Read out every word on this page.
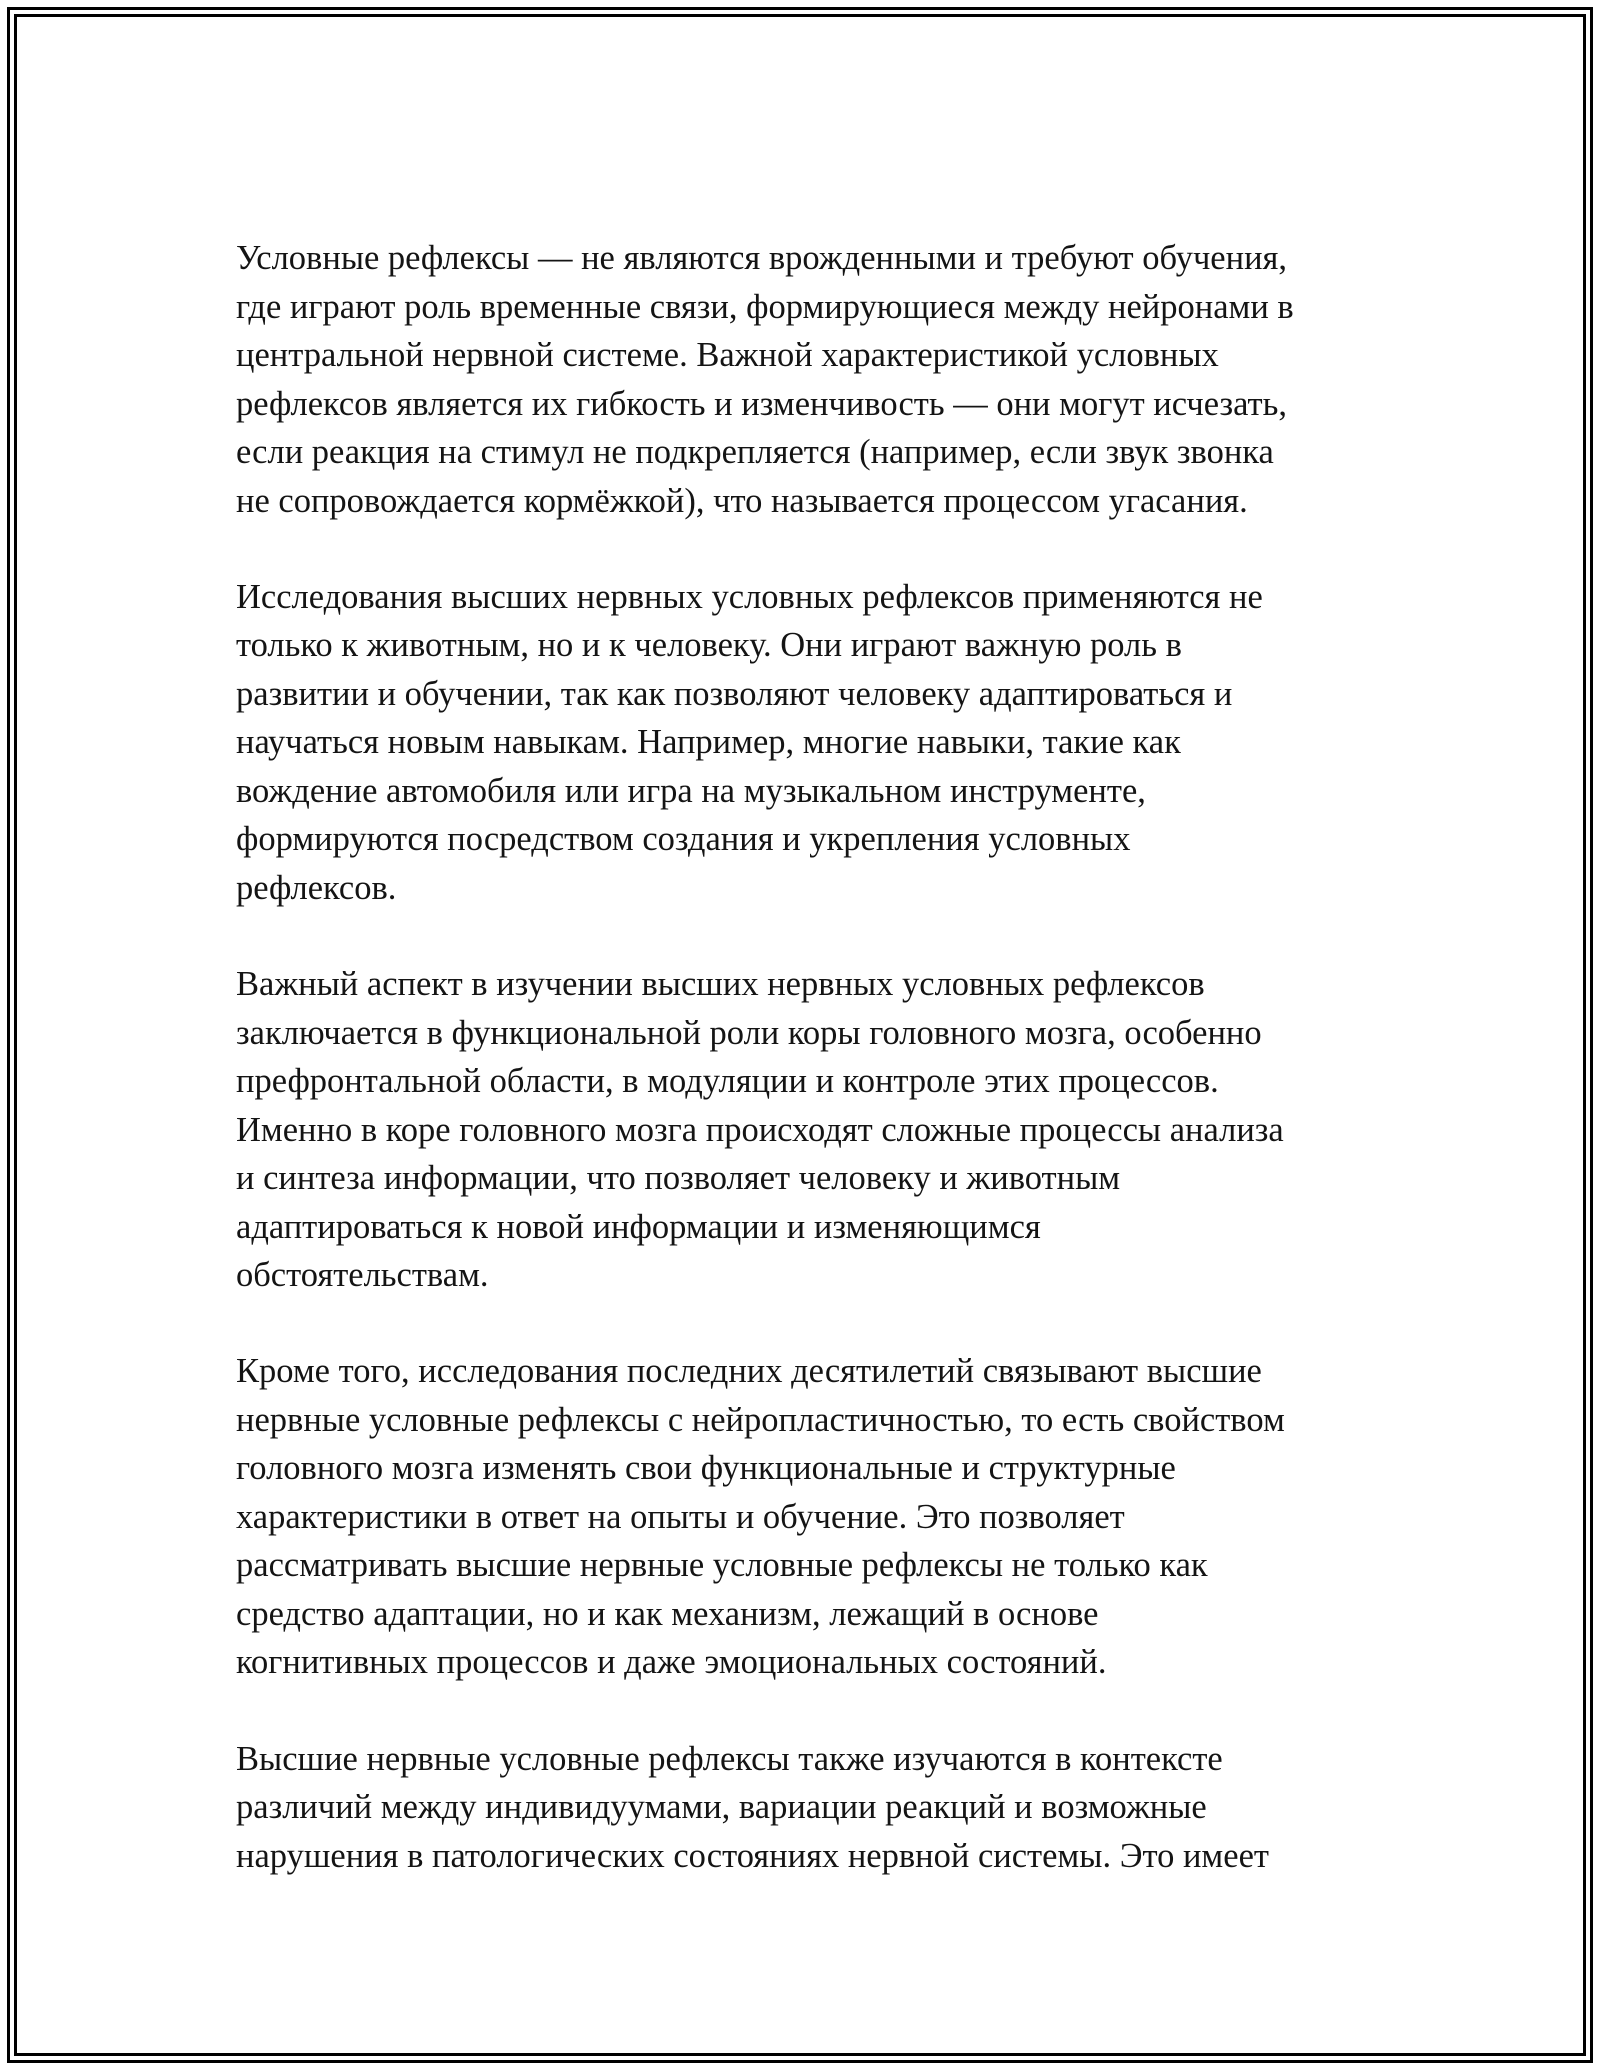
Условные рефлексы — не являются врожденными и требуют обучения,
где играют роль временные связи, формирующиеся между нейронами в
центральной нервной системе. Важной характеристикой условных
рефлексов является их гибкость и изменчивость — они могут исчезать,
если реакция на стимул не подкрепляется (например, если звук звонка
не сопровождается кормёжкой), что называется процессом угасания.
Исследования высших нервных условных рефлексов применяются не
только к животным, но и к человеку. Они играют важную роль в
развитии и обучении, так как позволяют человеку адаптироваться и
научаться новым навыкам. Например, многие навыки, такие как
вождение автомобиля или игра на музыкальном инструменте,
формируются посредством создания и укрепления условных
рефлексов.
Важный аспект в изучении высших нервных условных рефлексов
заключается в функциональной роли коры головного мозга, особенно
префронтальной области, в модуляции и контроле этих процессов.
Именно в коре головного мозга происходят сложные процессы анализа
и синтеза информации, что позволяет человеку и животным
адаптироваться к новой информации и изменяющимся
обстоятельствам.
Кроме того, исследования последних десятилетий связывают высшие
нервные условные рефлексы с нейропластичностью, то есть свойством
головного мозга изменять свои функциональные и структурные
характеристики в ответ на опыты и обучение. Это позволяет
рассматривать высшие нервные условные рефлексы не только как
средство адаптации, но и как механизм, лежащий в основе
когнитивных процессов и даже эмоциональных состояний.
Высшие нервные условные рефлексы также изучаются в контексте
различий между индивидуумами, вариации реакций и возможные
нарушения в патологических состояниях нервной системы. Это имеет
